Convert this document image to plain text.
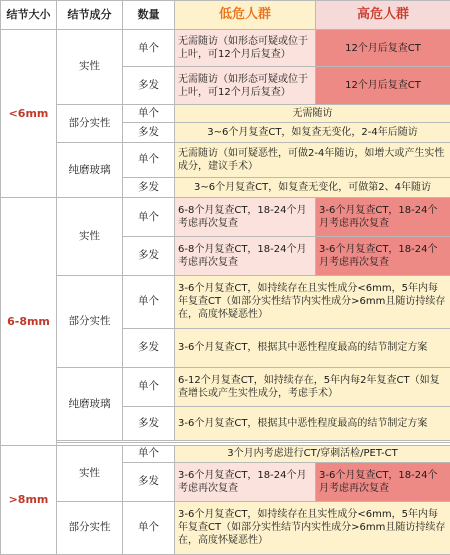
结节大小	结节成分	数量	低危人群	高危人群
<6mm	实性	单个	无需随访（如形态可疑或位于上叶，可12个月后复查）	12个月后复查CT
		多发	无需随访（如形态可疑或位于上叶，可12个月后复查）	12个月后复查CT
	部分实性	单个	无需随访	
		多发	3~6个月复查CT，如复查无变化，2-4年后随访	
	纯磨玻璃	单个	无需随访（如可疑恶性，可做2-4年随访，如增大或产生实性成分，建议手术）	
		多发	3~6个月复查CT，如复查无变化，可做第2、4年随访	
6-8mm	实性	单个	6-8个月复查CT，18-24个月考虑再次复查	3-6个月复查CT，18-24个月考虑再次复查
		多发	6-8个月复查CT，18-24个月考虑再次复查	3-6个月复查CT，18-24个月考虑再次复查
	部分实性	单个	3-6个月复查CT，如持续存在且实性成分<6mm，5年内每年复查CT（如部分实性结节内实性成分>6mm且随访持续存在，高度怀疑恶性）	
		多发	3-6个月复查CT，根据其中恶性程度最高的结节制定方案	
	纯磨玻璃	单个	6-12个月复查CT，如持续存在，5年内每2年复查CT（如复查增长或产生实性成分，考虑手术）	
		多发	3-6个月复查CT，根据其中恶性程度最高的结节制定方案	

>8mm	实性	单个	3个月内考虑进行CT/穿刺活检/PET-CT	
		多发	3-6个月复查CT，18-24个月考虑再次复查	3-6个月复查CT，18-24个月考虑再次复查
	部分实性	单个	3-6个月复查CT，如持续存在且实性成分<6mm，5年内每年复查CT（如部分实性结节内实性成分>6mm且随访持续存在，高度怀疑恶性）	
